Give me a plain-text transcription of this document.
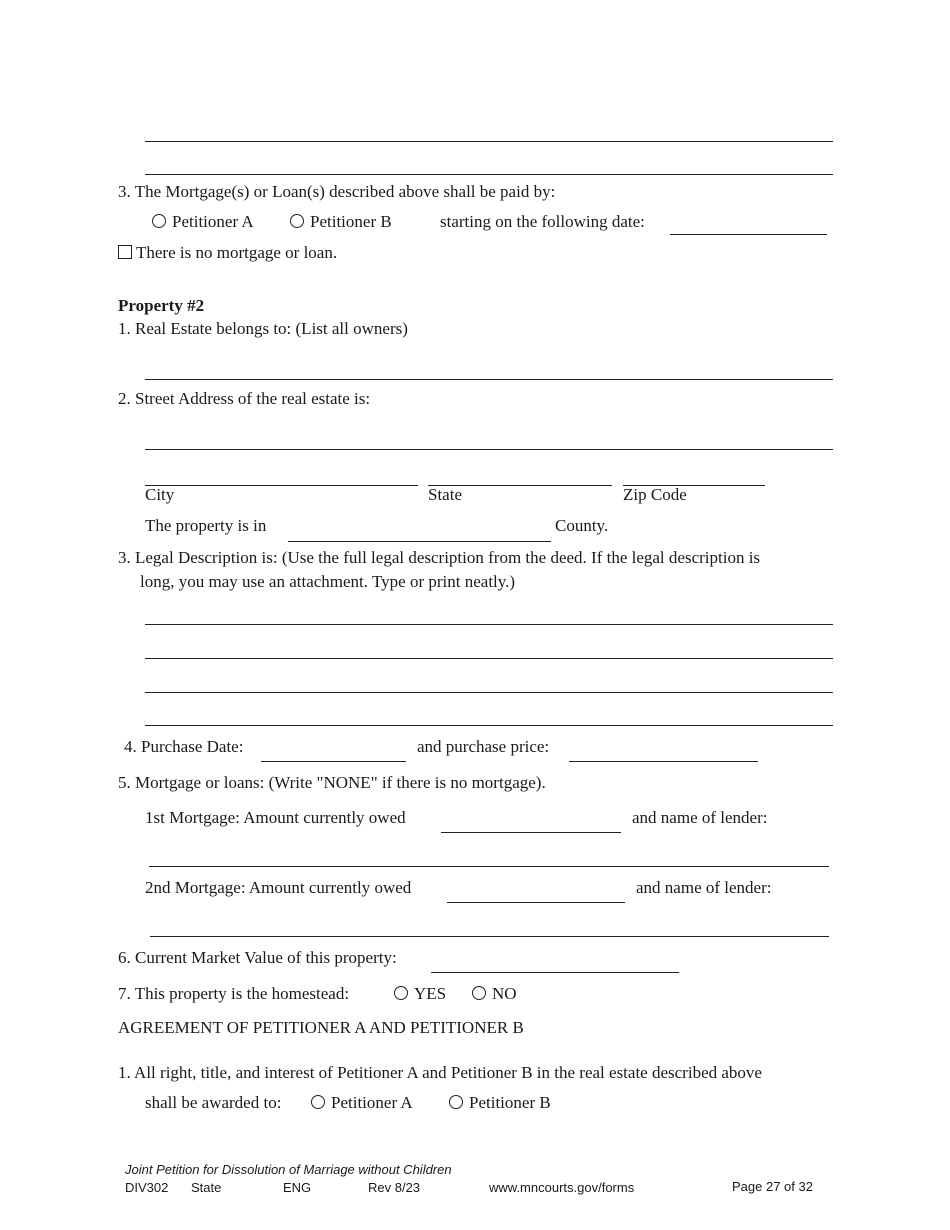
3. The Mortgage(s) or Loan(s) described above shall be paid by:
Petitioner A	Petitioner B	starting on the following date:
There is no mortgage or loan.
Property #2
1. Real Estate belongs to: (List all owners)
2. Street Address of the real estate is:
City	State	Zip Code
The property is in	County.
3. Legal Description is: (Use the full legal description from the deed. If the legal description is
long, you may use an attachment. Type or print neatly.)
4. Purchase Date:	and purchase price:
5. Mortgage or loans: (Write "NONE" if there is no mortgage).
1st Mortgage: Amount currently owed	and name of lender:
2nd Mortgage: Amount currently owed	and name of lender:
6. Current Market Value of this property:
7. This property is the homestead:	YES	NO
AGREEMENT OF PETITIONER A AND PETITIONER B
1. All right, title, and interest of Petitioner A and Petitioner B in the real estate described above
shall be awarded to:	Petitioner A	Petitioner B
Joint Petition for Dissolution of Marriage without Children
DIV302 State	ENG	Rev 8/23	www.mncourts.gov/forms	Page 27 of 32
